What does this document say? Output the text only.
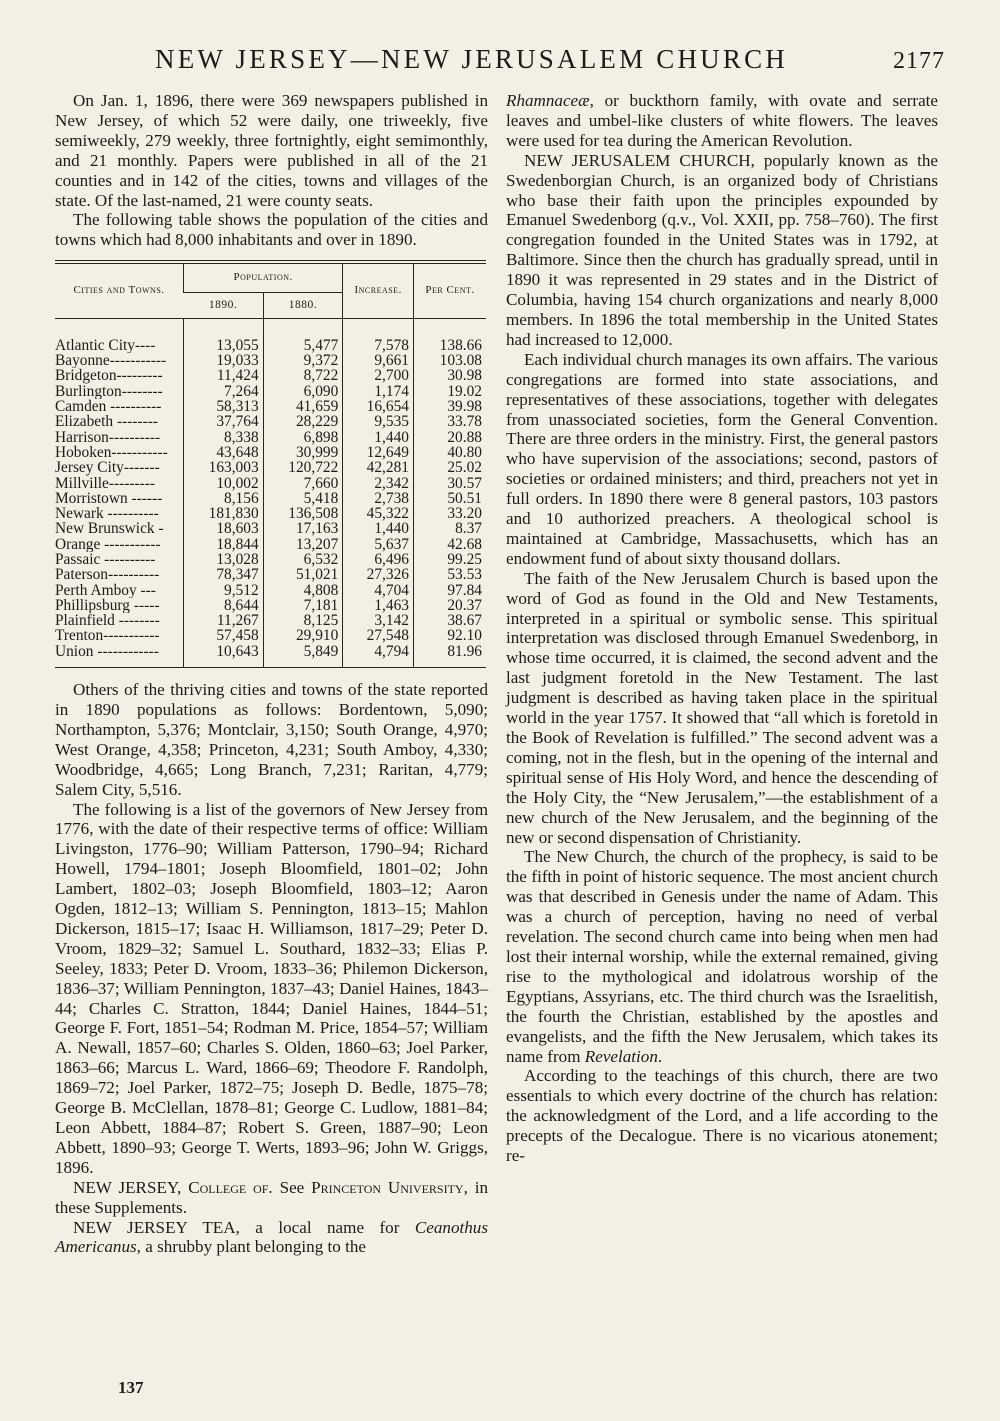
NEW JERSEY—NEW JERUSALEM CHURCH	2177

On Jan. 1, 1896, there were 369 newspapers published in New Jersey, of which 52 were daily, one triweekly, five semiweekly, 279 weekly, three fortnightly, eight semimonthly, and 21 monthly. Papers were published in all of the 21 counties and in 142 of the cities, towns and villages of the state. Of the last-named, 21 were county seats.

The following table shows the population of the cities and towns which had 8,000 inhabitants and over in 1890.

Cities and Towns.	Population.		Increase.	Per Cent.
	1890.	1880.		
Atlantic City----	13,055	5,477	7,578	138.66
Bayonne-----------	19,033	9,372	9,661	103.08
Bridgeton---------	11,424	8,722	2,700	30.98
Burlington--------	7,264	6,090	1,174	19.02
Camden ----------	58,313	41,659	16,654	39.98
Elizabeth --------	37,764	28,229	9,535	33.78
Harrison----------	8,338	6,898	1,440	20.88
Hoboken-----------	43,648	30,999	12,649	40.80
Jersey City-------	163,003	120,722	42,281	25.02
Millville---------	10,002	7,660	2,342	30.57
Morristown ------	8,156	5,418	2,738	50.51
Newark ----------	181,830	136,508	45,322	33.20
New Brunswick -	18,603	17,163	1,440	8.37
Orange -----------	18,844	13,207	5,637	42.68
Passaic ----------	13,028	6,532	6,496	99.25
Paterson----------	78,347	51,021	27,326	53.53
Perth Amboy ---	9,512	4,808	4,704	97.84
Phillipsburg -----	8,644	7,181	1,463	20.37
Plainfield --------	11,267	8,125	3,142	38.67
Trenton-----------	57,458	29,910	27,548	92.10
Union ------------	10,643	5,849	4,794	81.96

Others of the thriving cities and towns of the state reported in 1890 populations as follows: Bordentown, 5,090; Northampton, 5,376; Montclair, 3,150; South Orange, 4,970; West Orange, 4,358; Princeton, 4,231; South Amboy, 4,330; Woodbridge, 4,665; Long Branch, 7,231; Raritan, 4,779; Salem City, 5,516.

The following is a list of the governors of New Jersey from 1776, with the date of their respective terms of office: William Livingston, 1776–90; William Patterson, 1790–94; Richard Howell, 1794–1801; Joseph Bloomfield, 1801–02; John Lambert, 1802–03; Joseph Bloomfield, 1803–12; Aaron Ogden, 1812–13; William S. Pennington, 1813–15; Mahlon Dickerson, 1815–17; Isaac H. Williamson, 1817–29; Peter D. Vroom, 1829–32; Samuel L. Southard, 1832–33; Elias P. Seeley, 1833; Peter D. Vroom, 1833–36; Philemon Dickerson, 1836–37; William Pennington, 1837–43; Daniel Haines, 1843–44; Charles C. Stratton, 1844; Daniel Haines, 1844–51; George F. Fort, 1851–54; Rodman M. Price, 1854–57; William A. Newall, 1857–60; Charles S. Olden, 1860–63; Joel Parker, 1863–66; Marcus L. Ward, 1866–69; Theodore F. Randolph, 1869–72; Joel Parker, 1872–75; Joseph D. Bedle, 1875–78; George B. McClellan, 1878–81; George C. Ludlow, 1881–84; Leon Abbett, 1884–87; Robert S. Green, 1887–90; Leon Abbett, 1890–93; George T. Werts, 1893–96; John W. Griggs, 1896.

NEW JERSEY, College of. See Princeton University, in these Supplements.

NEW JERSEY TEA, a local name for Ceanothus Americanus, a shrubby plant belonging to the

Rhamnaceæ, or buckthorn family, with ovate and serrate leaves and umbel-like clusters of white flowers. The leaves were used for tea during the American Revolution.

NEW JERUSALEM CHURCH, popularly known as the Swedenborgian Church, is an organized body of Christians who base their faith upon the principles expounded by Emanuel Swedenborg (q.v., Vol. XXII, pp. 758–760). The first congregation founded in the United States was in 1792, at Baltimore. Since then the church has gradually spread, until in 1890 it was represented in 29 states and in the District of Columbia, having 154 church organizations and nearly 8,000 members. In 1896 the total membership in the United States had increased to 12,000.

Each individual church manages its own affairs. The various congregations are formed into state associations, and representatives of these associations, together with delegates from unassociated societies, form the General Convention. There are three orders in the ministry. First, the general pastors who have supervision of the associations; second, pastors of societies or ordained ministers; and third, preachers not yet in full orders. In 1890 there were 8 general pastors, 103 pastors and 10 authorized preachers. A theological school is maintained at Cambridge, Massachusetts, which has an endowment fund of about sixty thousand dollars.

The faith of the New Jerusalem Church is based upon the word of God as found in the Old and New Testaments, interpreted in a spiritual or symbolic sense. This spiritual interpretation was disclosed through Emanuel Swedenborg, in whose time occurred, it is claimed, the second advent and the last judgment foretold in the New Testament. The last judgment is described as having taken place in the spiritual world in the year 1757. It showed that “all which is foretold in the Book of Revelation is fulfilled.” The second advent was a coming, not in the flesh, but in the opening of the internal and spiritual sense of His Holy Word, and hence the descending of the Holy City, the “New Jerusalem,”—the establishment of a new church of the New Jerusalem, and the beginning of the new or second dispensation of Christianity.

The New Church, the church of the prophecy, is said to be the fifth in point of historic sequence. The most ancient church was that described in Genesis under the name of Adam. This was a church of perception, having no need of verbal revelation. The second church came into being when men had lost their internal worship, while the external remained, giving rise to the mythological and idolatrous worship of the Egyptians, Assyrians, etc. The third church was the Israelitish, the fourth the Christian, established by the apostles and evangelists, and the fifth the New Jerusalem, which takes its name from Revelation.

According to the teachings of this church, there are two essentials to which every doctrine of the church has relation: the acknowledgment of the Lord, and a life according to the precepts of the Decalogue. There is no vicarious atonement; re-

137
